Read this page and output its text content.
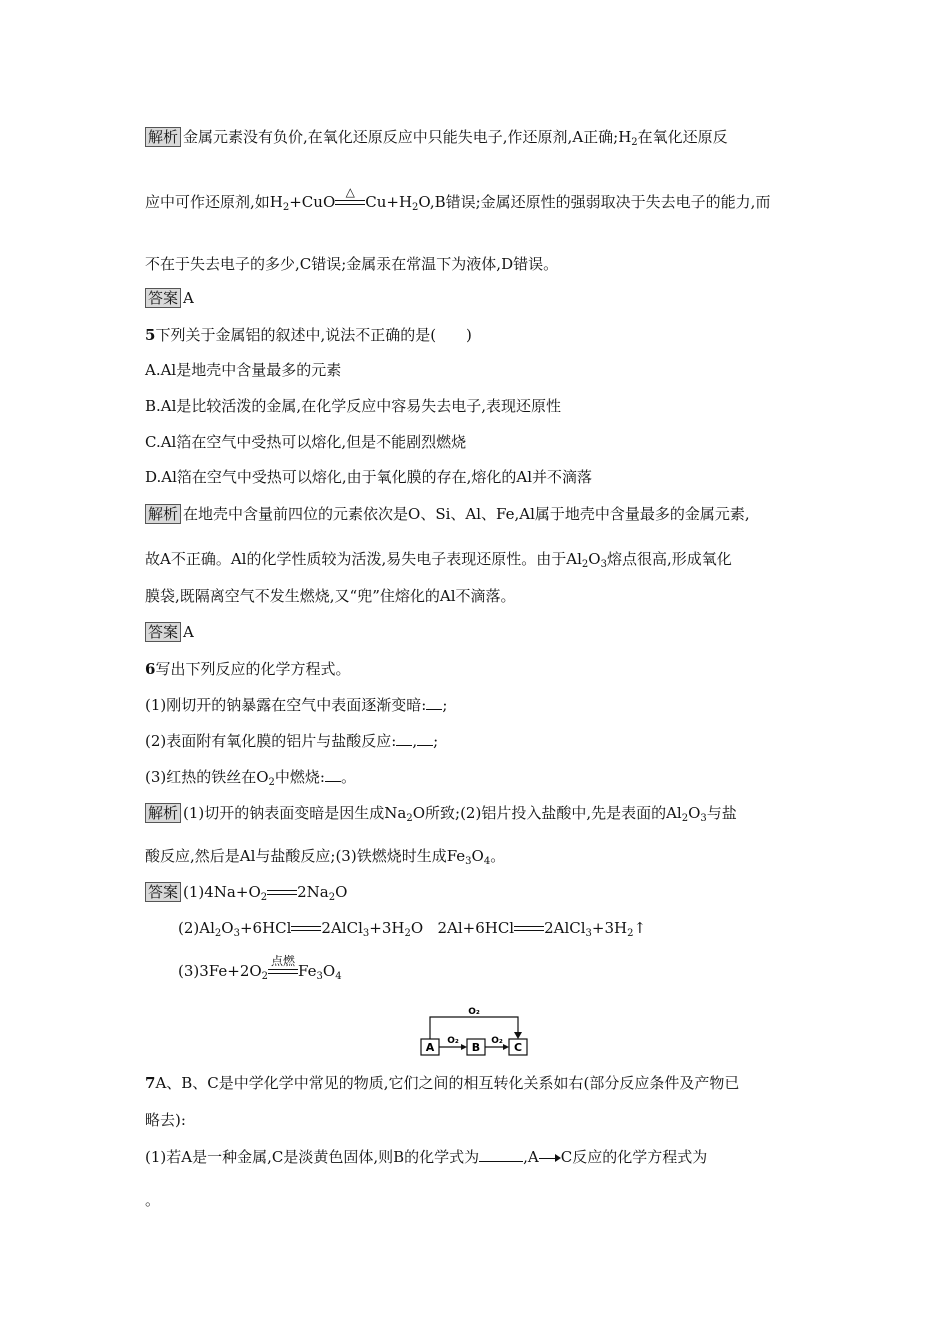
解析 金属元素没有负价,在氧化还原反应中只能失电子,作还原剂,A正确$;H_2$在氧化还原反
应中可作还原剂,如$H_2+CuO$
△
$Cu+H_2O,B$错误;金属还原性的强弱取决于失去电子的能力,而
不在于失去电子的多少,C错误;金属汞在常温下为液体,D错误。
答案 A
5下列关于金属铝的叙述中,说法不正确的是(　　)
A.Al是地壳中含量最多的元素
B.Al是比较活泼的金属,在化学反应中容易失去电子,表现还原性
C.Al箔在空气中受热可以熔化,但是不能剧烈燃烧
D.Al箔在空气中受热可以熔化,由于氧化膜的存在,熔化的Al并不滴落
解析 在地壳中含量前四位的元素依次是O、Si、Al、Fe,Al属于地壳中含量最多的金属元素,
故A不正确。Al的化学性质较为活泼,易失电子表现还原性。由于$Al_2O_3$熔点很高,形成氧化
膜袋,既隔离空气不发生燃烧,又“兜”住熔化的Al不滴落。
答案 A
6写出下列反应的化学方程式。
(1)刚切开的钠暴露在空气中表面逐渐变暗: ;
(2)表面附有氧化膜的铝片与盐酸反应: , ;
(3)红热的铁丝在$O_2$中燃烧: 。
解析 (1)切开的钠表面变暗是因生成$Na_2O$所致;(2)铝片投入盐酸中,先是表面的$Al_2O_3$与盐
酸反应,然后是Al与盐酸反应;(3)铁燃烧时生成$Fe_3O_4$。
答案 $(1)4Na+O_2$ $2Na_2O$
$(2)Al_2O_3+6HCl$ $2AlCl_3+3H_2O$ 2Al+6HCl $2AlCl_3+3H_2↑$
$(3)3Fe+2O_2$
点燃
$Fe_3O_4$
O₂
A O₂ B O₂ C
7A、B、C是中学化学中常见的物质,它们之间的相互转化关系如右(部分反应条件及产物已
略去):
(1)若A是一种金属,C是淡黄色固体,则B的化学式为	,A C反应的化学方程式为
。
